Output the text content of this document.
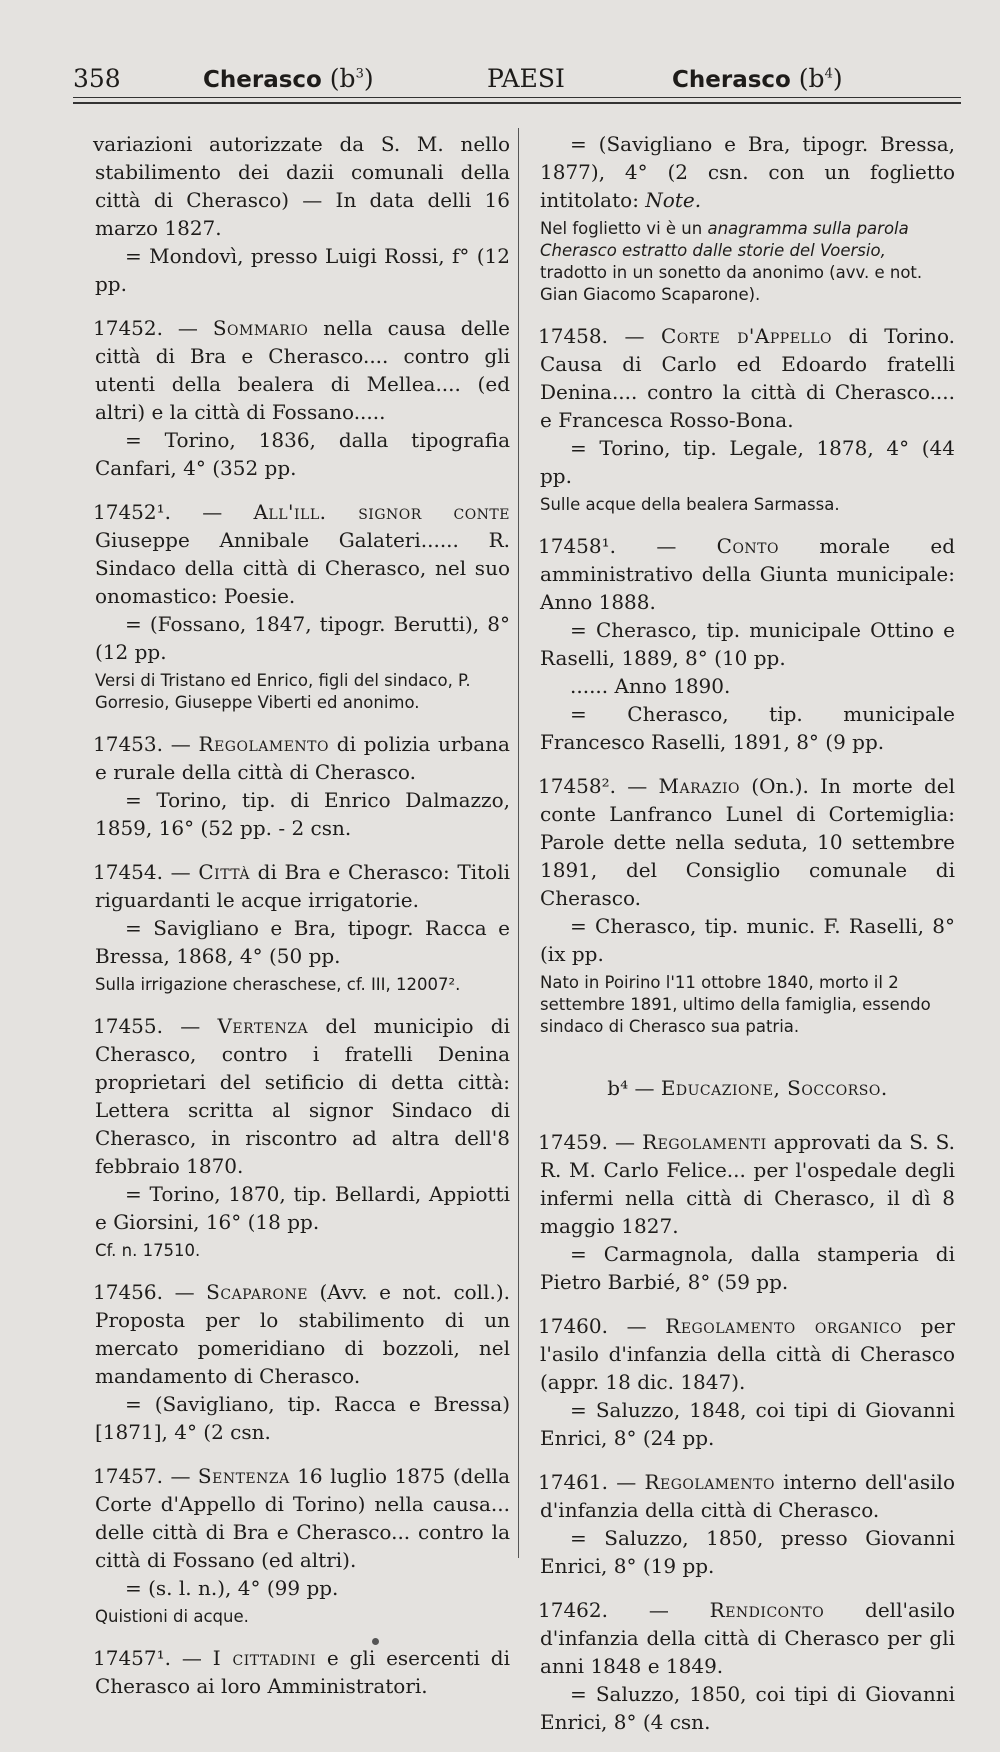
358	Cherasco $(b^3)$	PAESI	Cherasco $(b^4)$

variazioni autorizzate da S. M. nello stabilimento dei dazii comunali della città di Cherasco) — In data delli 16 marzo 1827.

= Mondovì, presso Luigi Rossi, f° (12 pp.

17452. — Sommario nella causa delle città di Bra e Cherasco.... contro gli utenti della bealera di Mellea.... (ed altri) e la città di Fossano.....

= Torino, 1836, dalla tipografia Canfari, 4° (352 pp.

17452¹. — All'ill. signor conte Giuseppe Annibale Galateri...... R. Sindaco della città di Cherasco, nel suo onomastico: Poesie.

= (Fossano, 1847, tipogr. Berutti), 8° (12 pp.

Versi di Tristano ed Enrico, figli del sindaco, P. Gorresio, Giuseppe Viberti ed anonimo.

17453. — Regolamento di polizia urbana e rurale della città di Cherasco.

= Torino, tip. di Enrico Dalmazzo, 1859, 16° (52 pp. - 2 csn.

17454. — Città di Bra e Cherasco: Titoli riguardanti le acque irrigatorie.

= Savigliano e Bra, tipogr. Racca e Bressa, 1868, 4° (50 pp.

Sulla irrigazione cheraschese, cf. III, 12007².

17455. — Vertenza del municipio di Cherasco, contro i fratelli Denina proprietari del setificio di detta città: Lettera scritta al signor Sindaco di Cherasco, in riscontro ad altra dell'8 febbraio 1870.

= Torino, 1870, tip. Bellardi, Appiotti e Giorsini, 16° (18 pp.

Cf. n. 17510.

17456. — Scaparone (Avv. e not. coll.). Proposta per lo stabilimento di un mercato pomeridiano di bozzoli, nel mandamento di Cherasco.

= (Savigliano, tip. Racca e Bressa) [1871], 4° (2 csn.

17457. — Sentenza 16 luglio 1875 (della Corte d'Appello di Torino) nella causa... delle città di Bra e Cherasco... contro la città di Fossano (ed altri).

= (s. l. n.), 4° (99 pp.

Quistioni di acque.

17457¹. — I cittadini e gli esercenti di Cherasco ai loro Amministratori.

= (Savigliano e Bra, tipogr. Bressa, 1877), 4° (2 csn. con un foglietto intitolato: Note.

Nel foglietto vi è un anagramma sulla parola Cherasco estratto dalle storie del Voersio, tradotto in un sonetto da anonimo (avv. e not. Gian Giacomo Scaparone).

17458. — Corte d'Appello di Torino. Causa di Carlo ed Edoardo fratelli Denina.... contro la città di Cherasco.... e Francesca Rosso-Bona.

= Torino, tip. Legale, 1878, 4° (44 pp.

Sulle acque della bealera Sarmassa.

17458¹. — Conto morale ed amministrativo della Giunta municipale: Anno 1888.

= Cherasco, tip. municipale Ottino e Raselli, 1889, 8° (10 pp.

...... Anno 1890.

= Cherasco, tip. municipale Francesco Raselli, 1891, 8° (9 pp.

17458². — Marazio (On.). In morte del conte Lanfranco Lunel di Cortemiglia: Parole dette nella seduta, 10 settembre 1891, del Consiglio comunale di Cherasco.

= Cherasco, tip. munic. F. Raselli, 8° (ix pp.

Nato in Poirino l'11 ottobre 1840, morto il 2 settembre 1891, ultimo della famiglia, essendo sindaco di Cherasco sua patria.

b⁴ — Educazione, Soccorso.

17459. — Regolamenti approvati da S. S. R. M. Carlo Felice... per l'ospedale degli infermi nella città di Cherasco, il dì 8 maggio 1827.

= Carmagnola, dalla stamperia di Pietro Barbié, 8° (59 pp.

17460. — Regolamento organico per l'asilo d'infanzia della città di Cherasco (appr. 18 dic. 1847).

= Saluzzo, 1848, coi tipi di Giovanni Enrici, 8° (24 pp.

17461. — Regolamento interno dell'asilo d'infanzia della città di Cherasco.

= Saluzzo, 1850, presso Giovanni Enrici, 8° (19 pp.

17462. — Rendiconto dell'asilo d'infanzia della città di Cherasco per gli anni 1848 e 1849.

= Saluzzo, 1850, coi tipi di Giovanni Enrici, 8° (4 csn.
